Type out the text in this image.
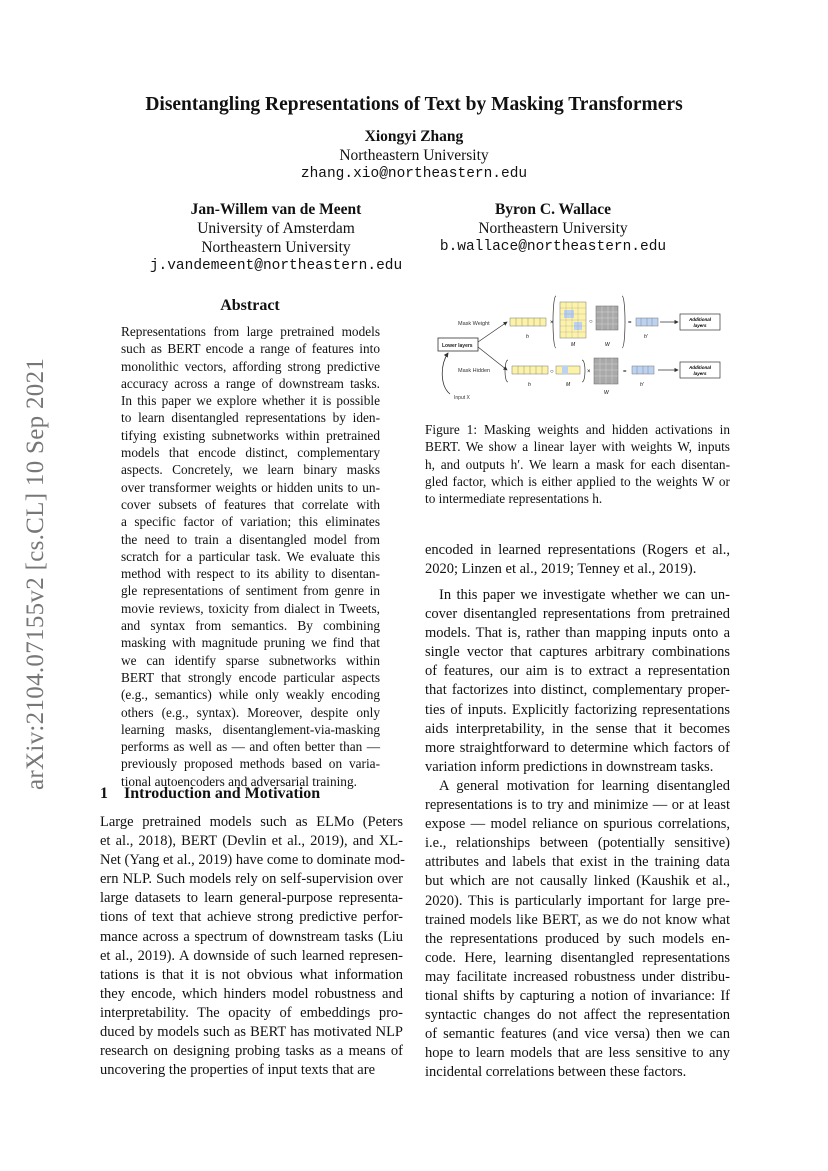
arXiv:2104.07155v2 [cs.CL] 10 Sep 2021
Disentangling Representations of Text by Masking Transformers
Xiongyi Zhang
Northeastern University
zhang.xio@northeastern.edu
Jan-Willem van de Meent
University of Amsterdam
Northeastern University
j.vandemeent@northeastern.edu
Byron C. Wallace
Northeastern University
b.wallace@northeastern.edu
Abstract
Representations from large pretrained models
such as BERT encode a range of features into
monolithic vectors, affording strong predictive
accuracy across a range of downstream tasks.
In this paper we explore whether it is possible
to learn disentangled representations by iden-
tifying existing subnetworks within pretrained
models that encode distinct, complementary
aspects. Concretely, we learn binary masks
over transformer weights or hidden units to un-
cover subsets of features that correlate with
a specific factor of variation; this eliminates
the need to train a disentangled model from
scratch for a particular task. We evaluate this
method with respect to its ability to disentan-
gle representations of sentiment from genre in
movie reviews, toxicity from dialect in Tweets,
and syntax from semantics. By combining
masking with magnitude pruning we find that
we can identify sparse subnetworks within
BERT that strongly encode particular aspects
(e.g., semantics) while only weakly encoding
others (e.g., syntax). Moreover, despite only
learning masks, disentanglement-via-masking
performs as well as — and often better than —
previously proposed methods based on varia-
tional autoencoders and adversarial training.
1 Introduction and Motivation
Large pretrained models such as ELMo (Peters
et al., 2018), BERT (Devlin et al., 2019), and XL-
Net (Yang et al., 2019) have come to dominate mod-
ern NLP. Such models rely on self-supervision over
large datasets to learn general-purpose representa-
tions of text that achieve strong predictive perfor-
mance across a spectrum of downstream tasks (Liu
et al., 2019). A downside of such learned represen-
tations is that it is not obvious what information
they encode, which hinders model robustness and
interpretability. The opacity of embeddings pro-
duced by models such as BERT has motivated NLP
research on designing probing tasks as a means of
uncovering the properties of input texts that are
Mask Weight
Mask Hidden
Lower layers
Input X
h
×
M
○
W
=
h'
Additional
layers
h
○
M
×
W
=
h'
Additional
layers
Figure 1: Masking weights and hidden activations in
BERT. We show a linear layer with weights W, inputs
h, and outputs h′. We learn a mask for each disentan-
gled factor, which is either applied to the weights W or
to intermediate representations h.
encoded in learned representations (Rogers et al.,
2020; Linzen et al., 2019; Tenney et al., 2019).
In this paper we investigate whether we can un-
cover disentangled representations from pretrained
models. That is, rather than mapping inputs onto a
single vector that captures arbitrary combinations
of features, our aim is to extract a representation
that factorizes into distinct, complementary proper-
ties of inputs. Explicitly factorizing representations
aids interpretability, in the sense that it becomes
more straightforward to determine which factors of
variation inform predictions in downstream tasks.
A general motivation for learning disentangled
representations is to try and minimize — or at least
expose — model reliance on spurious correlations,
i.e., relationships between (potentially sensitive)
attributes and labels that exist in the training data
but which are not causally linked (Kaushik et al.,
2020). This is particularly important for large pre-
trained models like BERT, as we do not know what
the representations produced by such models en-
code. Here, learning disentangled representations
may facilitate increased robustness under distribu-
tional shifts by capturing a notion of invariance: If
syntactic changes do not affect the representation
of semantic features (and vice versa) then we can
hope to learn models that are less sensitive to any
incidental correlations between these factors.
